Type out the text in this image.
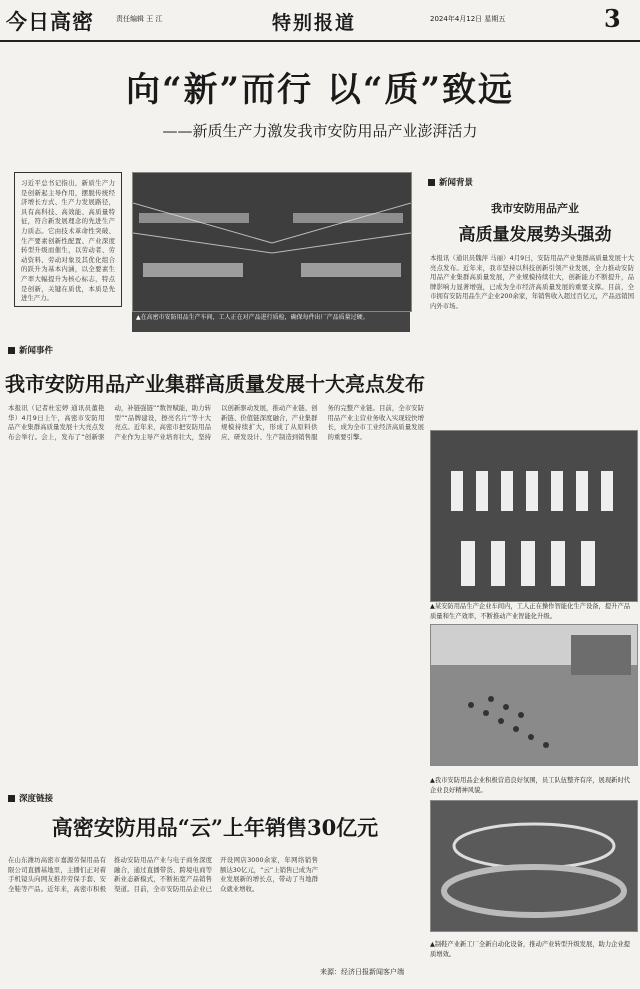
今日高密	责任编辑 王 江	特别报道	2024年4月12日 星期五	3
向“新”而行 以“质”致远
——新质生产力激发我市安防用品产业澎湃活力
习近平总书记指出，新质生产力是创新起主导作用，摆脱传统经济增长方式、生产力发展路径，具有高科技、高效能、高质量特征，符合新发展理念的先进生产力质态。它由技术革命性突破、生产要素创新性配置、产业深度转型升级而催生，以劳动者、劳动资料、劳动对象及其优化组合的跃升为基本内涵，以全要素生产率大幅提升为核心标志，特点是创新，关键在质优，本质是先进生产力。
▲在高密市安防用品生产车间，工人正在对产品进行质检，确保每件出厂产品质量过硬。
新闻背景
我市安防用品产业
高质量发展势头强劲
本报讯（通讯员魏萍 马丽）4月9日，安防用品产业集群高质量发展十大亮点发布。近年来，我市坚持以科技创新引领产业发展，全力推动安防用品产业集群高质量发展，产业规模持续壮大，创新能力不断提升，品牌影响力显著增强，已成为全市经济高质量发展的重要支撑。目前，全市拥有安防用品生产企业200余家，年销售收入超过百亿元，产品远销国内外市场。
▲某安防用品生产企业车间内，工人正在操作智能化生产设备，提升产品质量和生产效率，不断推动产业智能化升级。
▲我市安防用品企业积极营造良好氛围，员工队伍整齐有序，展现新时代企业良好精神风貌。
▲制鞋产业新工厂全新自动化设备，推动产业转型升级发展，助力企业提质增效。
来源：经济日报新闻客户端
新闻事件
我市安防用品产业集群高质量发展十大亮点发布
本报讯（记者杜宏婷 通讯员董艳华）4月9日上午，高密市安防用品产业集群高质量发展十大亮点发布会举行。会上，发布了“创新驱动，补链强链”“数智赋能，助力转型”“品牌建设，擦亮名片”等十大亮点。近年来，高密市把安防用品产业作为主导产业培育壮大，坚持以创新驱动发展，推动产业链、创新链、价值链深度融合，产业集群规模持续扩大，形成了从原料供应、研发设计、生产制造到销售服务的完整产业链。目前，全市安防用品产业主营业务收入实现较快增长，成为全市工业经济高质量发展的重要引擎。
深度链接
高密安防用品“云”上年销售30亿元
在山东潍坊高密市嘉源劳保用品有限公司直播基地里，主播们正对着手机镜头向网友推荐劳保手套、安全鞋等产品。近年来，高密市积极推动安防用品产业与电子商务深度融合，通过直播带货、跨境电商等新业态新模式，不断拓宽产品销售渠道。目前，全市安防用品企业已开设网店3000余家，年网络销售额达30亿元，“云”上销售已成为产业发展新的增长点，带动了当地群众就业增收。
